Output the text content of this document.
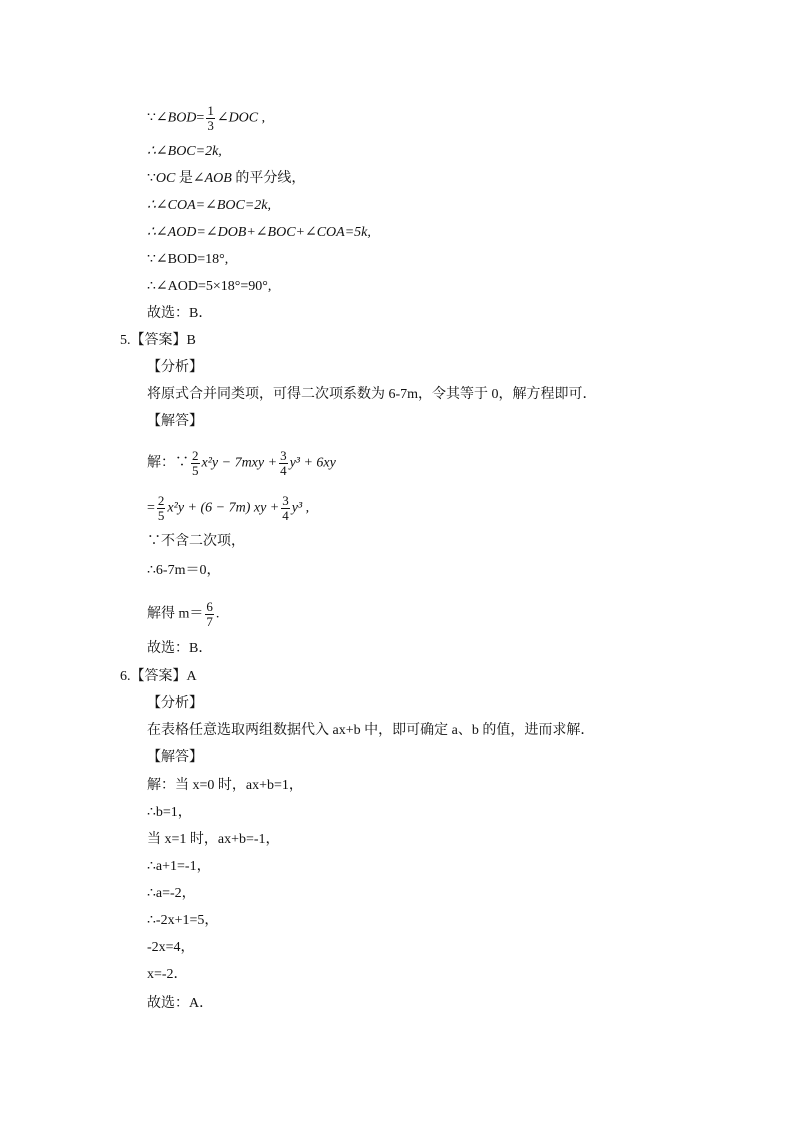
∵∠BOD= $\frac{1}{3}$ ∠DOC ,
∴∠BOC=2k,
∵OC 是∠AOB 的平分线，
∴∠COA=∠BOC=2k,
∴∠AOD=∠DOB+∠BOC+∠COA=5k,
∵∠BOD=18°,
∴∠AOD=5×18°=90°,
故选：B．
5.【答案】B
【分析】
将原式合并同类项，可得二次项系数为 6-7m，令其等于 0，解方程即可．
【解答】
解：∵ $\frac{2}{5} x^2y - 7mxy + \frac{3}{4} y^3 + 6xy$
= $\frac{2}{5} x^2y + (6 - 7m)$ xy + $\frac{3}{4} y^3$ ,
∵不含二次项，
∴6-7m＝0，
解得 $m= \frac{6}{7}$ .
故选：B．
6.【答案】A
【分析】
在表格任意选取两组数据代入 ax+b 中，即可确定 a、b 的值，进而求解．
【解答】
解：当 x=0 时，ax+b=1，
∴b=1，
当 x=1 时，ax+b=-1，
∴a+1=-1，
∴a=-2，
∴-2x+1=5，
-2x=4，
x=-2．
故选：A．
